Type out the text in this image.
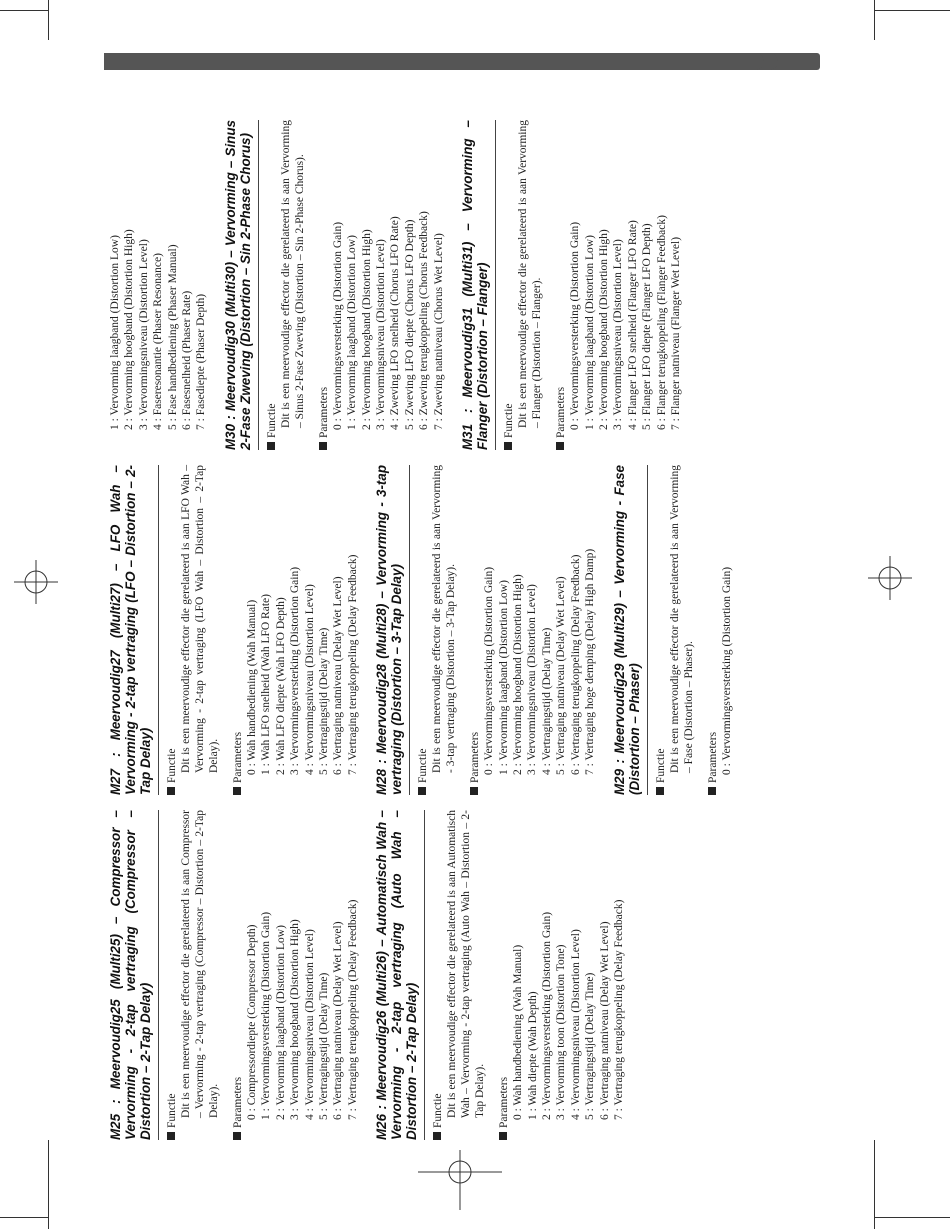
M25 : Meervoudig25 (Multi25) – Compressor – Vervorming - 2-tap vertraging (Compressor – Distortion – 2-Tap Delay)	Functie Dit is een meervoudige effector die gerelateerd is aan Compressor – Vervorming - 2-tap vertraging (Compressor – Distortion – 2-Tap Delay). Parameters 0 : Compressordiepte (Compressor Depth) 1 : Vervormingsversterking (Distortion Gain) 2 : Vervorming laagband (Distortion Low) 3 : Vervorming hoogband (Distortion High) 4 : Vervormingsniveau (Distortion Level) 5 : Vertragingstijd (Delay Time) 6 : Vertraging natniveau (Delay Wet Level) 7 : Vertraging terugkoppeling (Delay Feedback) M26 : Meervoudig26 (Multi26) – Automatisch Wah – Vervorming - 2-tap vertraging (Auto Wah – Distortion – 2-Tap Delay)	Functie Dit is een meervoudige effector die gerelateerd is aan Automatisch Wah – Vervorming - 2-tap vertraging (Auto Wah – Distortion – 2-Tap Delay). Parameters 0 : Wah handbediening (Wah Manual) 1 : Wah diepte (Wah Depth) 2 : Vervormingsversterking (Distortion Gain) 3 : Vervorming toon (Distortion Tone) 4 : Vervormingsniveau (Distortion Level) 5 : Vertragingstijd (Delay Time) 6 : Vertraging natniveau (Delay Wet Level) 7 : Vertraging terugkoppeling (Delay Feedback)
M27 : Meervoudig27 (Multi27) – LFO Wah – Vervorming - 2-tap vertraging (LFO – Distortion – 2-Tap Delay)	Functie Dit is een meervoudige effector die gerelateerd is aan LFO Wah – Vervorming - 2-tap vertraging (LFO Wah – Distortion – 2-Tap Delay). Parameters 0 : Wah handbediening (Wah Manual) 1 : Wah LFO snelheid (Wah LFO Rate) 2 : Wah LFO diepte (Wah LFO Depth) 3 : Vervormingsversterking (Distortion Gain) 4 : Vervormingsniveau (Distortion Level) 5 : Vertragingstijd (Delay Time) 6 : Vertraging natniveau (Delay Wet Level) 7 : Vertraging terugkoppeling (Delay Feedback) M28 : Meervoudig28 (Multi28) – Vervorming - 3-tap vertraging (Distortion – 3-Tap Delay)	Functie Dit is een meervoudige effector die gerelateerd is aan Vervorming - 3-tap vertraging (Distortion – 3-Tap Delay). Parameters 0 : Vervormingsversterking (Distortion Gain) 1 : Vervorming laagband (Distortion Low) 2 : Vervorming hoogband (Distortion High) 3 : Vervormingsniveau (Distortion Level) 4 : Vertragingstijd (Delay Time) 5 : Vertraging natniveau (Delay Wet Level) 6 : Vertraging terugkoppeling (Delay Feedback) 7 : Vertraging hoge demping (Delay High Damp) M29 : Meervoudig29 (Multi29) – Vervorming - Fase (Distortion – Phaser)	Functie Dit is een meervoudige effector die gerelateerd is aan Vervorming – Fase (Distortion – Phaser). Parameters 0 : Vervormingsversterking (Distortion Gain)
1 : Vervorming laagband (Distortion Low) 2 : Vervorming hoogband (Distortion High) 3 : Vervormingsniveau (Distortion Level) 4 : Faseresonantie (Phaser Resonance) 5 : Fase handbediening (Phaser Manual) 6 : Fasesnelheid (Phaser Rate) 7 : Fasediepte (Phaser Depth) M30 : Meervoudig30 (Multi30) – Vervorming – Sinus 2-Fase Zweving (Distortion – Sin 2-Phase Chorus)	Functie Dit is een meervoudige effector die gerelateerd is aan Vervorming – Sinus 2-Fase Zweving (Distortion – Sin 2-Phase Chorus). Parameters 0 : Vervormingsversterking (Distortion Gain) 1 : Vervorming laagband (Distortion Low) 2 : Vervorming hoogband (Distortion High) 3 : Vervormingsniveau (Distortion Level) 4 : Zweving LFO snelheid (Chorus LFO Rate) 5 : Zweving LFO diepte (Chorus LFO Depth) 6 : Zweving terugkoppeling (Chorus Feedback) 7 : Zweving natniveau (Chorus Wet Level) M31 : Meervoudig31 (Multi31) – Vervorming – Flanger (Distortion – Flanger)	Functie Dit is een meervoudige effector die gerelateerd is aan Vervorming – Flanger (Distortion – Flanger). Parameters 0 : Vervormingsversterking (Distortion Gain) 1 : Vervorming laagband (Distortion Low) 2 : Vervorming hoogband (Distortion High) 3 : Vervormingsniveau (Distortion Level) 4 : Flanger LFO snelheid (Flanger LFO Rate) 5 : Flanger LFO diepte (Flanger LFO Depth) 6 : Flanger terugkoppeling (Flanger Feedback) 7 : Flanger natniveau (Flanger Wet Level)
